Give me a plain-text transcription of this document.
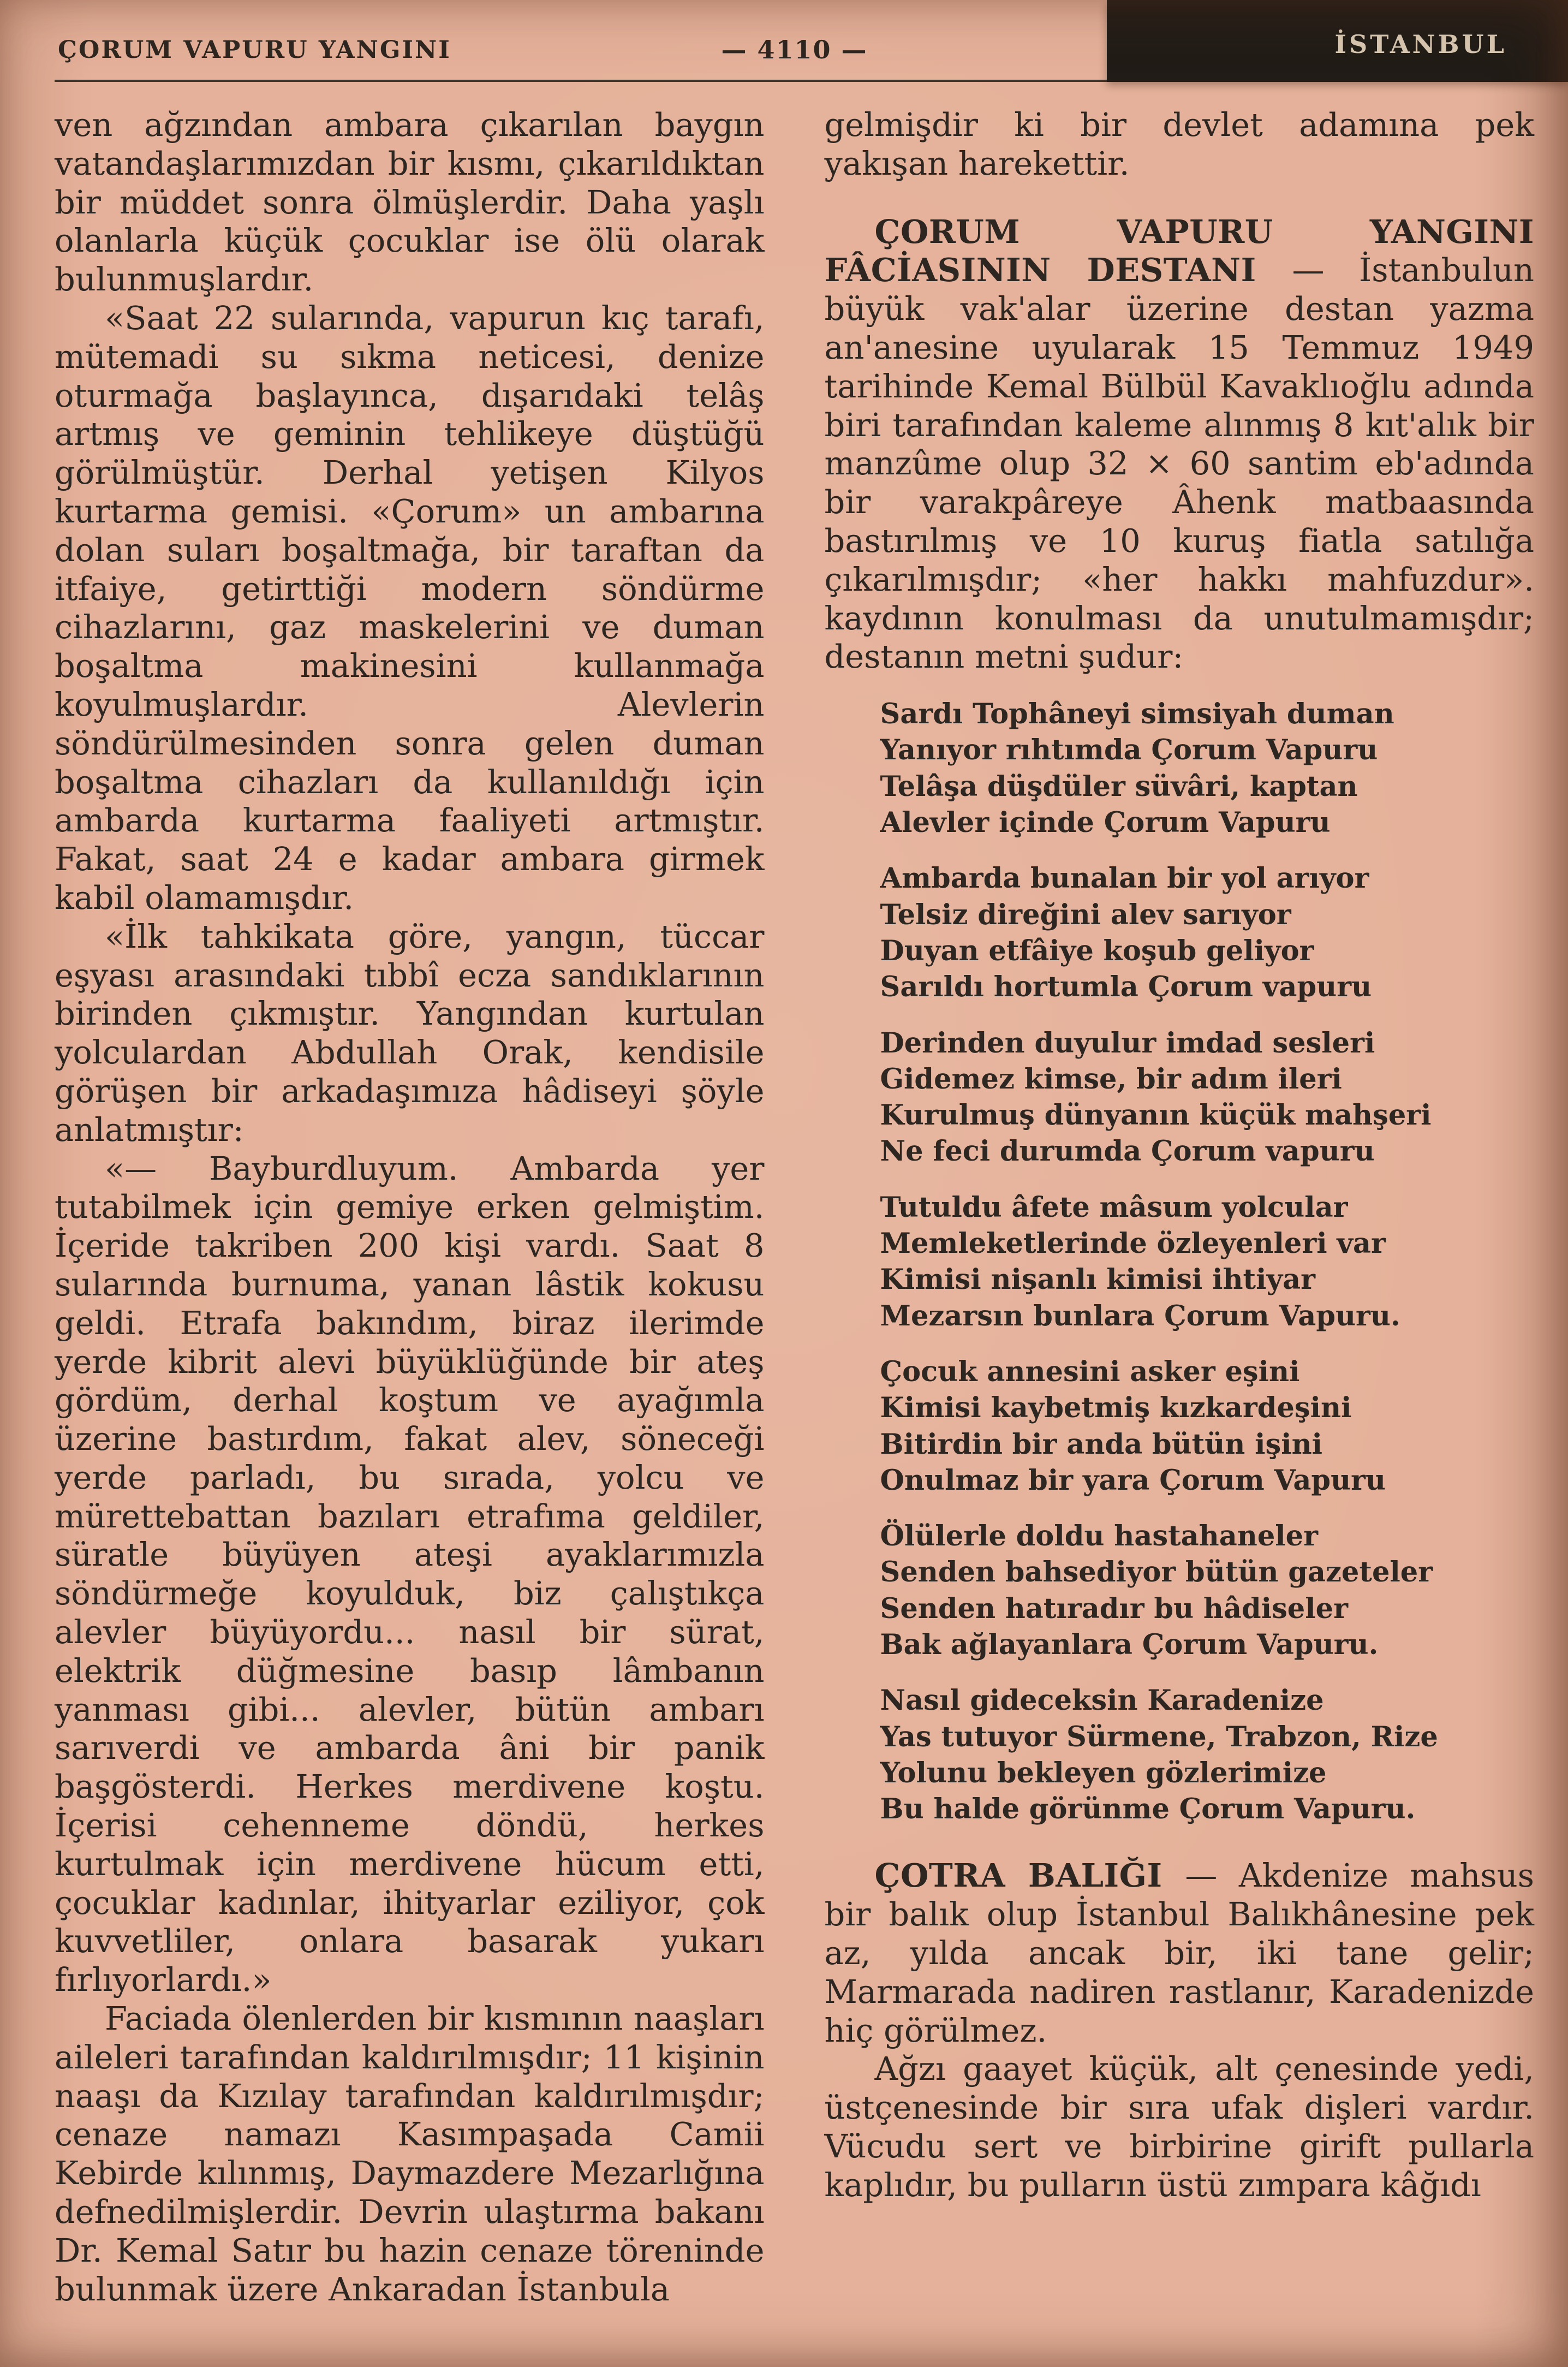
ÇORUM VAPURU YANGINI	— 4110 —	İSTANBUL

ven ağzından ambara çıkarılan baygın vatandaşlarımızdan bir kısmı, çıkarıldıktan bir müddet sonra ölmüşlerdir. Daha yaşlı olanlarla küçük çocuklar ise ölü olarak bulunmuşlardır.

«Saat 22 sularında, vapurun kıç tarafı, mütemadi su sıkma neticesi, denize oturmağa başlayınca, dışarıdaki telâş artmış ve geminin tehlikeye düştüğü görülmüştür. Derhal yetişen Kilyos kurtarma gemisi. «Çorum» un ambarına dolan suları boşaltmağa, bir taraftan da itfaiye, getirttiği modern söndürme cihazlarını, gaz maskelerini ve duman boşaltma makinesini kullanmağa koyulmuşlardır. Alevlerin söndürülmesinden sonra gelen duman boşaltma cihazları da kullanıldığı için ambarda kurtarma faaliyeti artmıştır. Fakat, saat 24 e kadar ambara girmek kabil olamamışdır.

«İlk tahkikata göre, yangın, tüccar eşyası arasındaki tıbbî ecza sandıklarının birinden çıkmıştır. Yangından kurtulan yolculardan Abdullah Orak, kendisile görüşen bir arkadaşımıza hâdiseyi şöyle anlatmıştır:

«— Bayburdluyum. Ambarda yer tutabilmek için gemiye erken gelmiştim. İçeride takriben 200 kişi vardı. Saat 8 sularında burnuma, yanan lâstik kokusu geldi. Etrafa bakındım, biraz ilerimde yerde kibrit alevi büyüklüğünde bir ateş gördüm, derhal koştum ve ayağımla üzerine bastırdım, fakat alev, söneceği yerde parladı, bu sırada, yolcu ve mürettebattan bazıları etrafıma geldiler, süratle büyüyen ateşi ayaklarımızla söndürmeğe koyulduk, biz çalıştıkça alevler büyüyordu... nasıl bir sürat, elektrik düğmesine basıp lâmbanın yanması gibi... alevler, bütün ambarı sarıverdi ve ambarda âni bir panik başgösterdi. Herkes merdivene koştu. İçerisi cehenneme döndü, herkes kurtulmak için merdivene hücum etti, çocuklar kadınlar, ihityarlar eziliyor, çok kuvvetliler, onlara basarak yukarı fırlıyorlardı.»

Faciada ölenlerden bir kısmının naaşları aileleri tarafından kaldırılmışdır; 11 kişinin naaşı da Kızılay tarafından kaldırılmışdır; cenaze namazı Kasımpaşada Camii Kebirde kılınmış, Daymazdere Mezarlığına defnedilmişlerdir. Devrin ulaştırma bakanı Dr. Kemal Satır bu hazin cenaze töreninde bulunmak üzere Ankaradan İstanbula

gelmişdir ki bir devlet adamına pek yakışan harekettir.

ÇORUM VAPURU YANGINI FÂCİASININ DESTANI — İstanbulun büyük vak'alar üzerine destan yazma an'anesine uyularak 15 Temmuz 1949 tarihinde Kemal Bülbül Kavaklıoğlu adında biri tarafından kaleme alınmış 8 kıt'alık bir manzûme olup 32 × 60 santim eb'adında bir varakpâreye Âhenk matbaasında bastırılmış ve 10 kuruş fiatla satılığa çıkarılmışdır; «her hakkı mahfuzdur». kaydının konulması da unutulmamışdır; destanın metni şudur:

Sardı Tophâneyi simsiyah duman
Yanıyor rıhtımda Çorum Vapuru
Telâşa düşdüler süvâri, kaptan
Alevler içinde Çorum Vapuru
Ambarda bunalan bir yol arıyor
Telsiz direğini alev sarıyor
Duyan etfâiye koşub geliyor
Sarıldı hortumla Çorum vapuru
Derinden duyulur imdad sesleri
Gidemez kimse, bir adım ileri
Kurulmuş dünyanın küçük mahşeri
Ne feci durumda Çorum vapuru
Tutuldu âfete mâsum yolcular
Memleketlerinde özleyenleri var
Kimisi nişanlı kimisi ihtiyar
Mezarsın bunlara Çorum Vapuru.
Çocuk annesini asker eşini
Kimisi kaybetmiş kızkardeşini
Bitirdin bir anda bütün işini
Onulmaz bir yara Çorum Vapuru
Ölülerle doldu hastahaneler
Senden bahsediyor bütün gazeteler
Senden hatıradır bu hâdiseler
Bak ağlayanlara Çorum Vapuru.
Nasıl gideceksin Karadenize
Yas tutuyor Sürmene, Trabzon, Rize
Yolunu bekleyen gözlerimize
Bu halde görünme Çorum Vapuru.

ÇOTRA BALIĞI — Akdenize mahsus bir balık olup İstanbul Balıkhânesine pek az, yılda ancak bir, iki tane gelir; Marmarada nadiren rastlanır, Karadenizde hiç görülmez.

Ağzı gaayet küçük, alt çenesinde yedi, üstçenesinde bir sıra ufak dişleri vardır. Vücudu sert ve birbirine girift pullarla kaplıdır, bu pulların üstü zımpara kâğıdı
